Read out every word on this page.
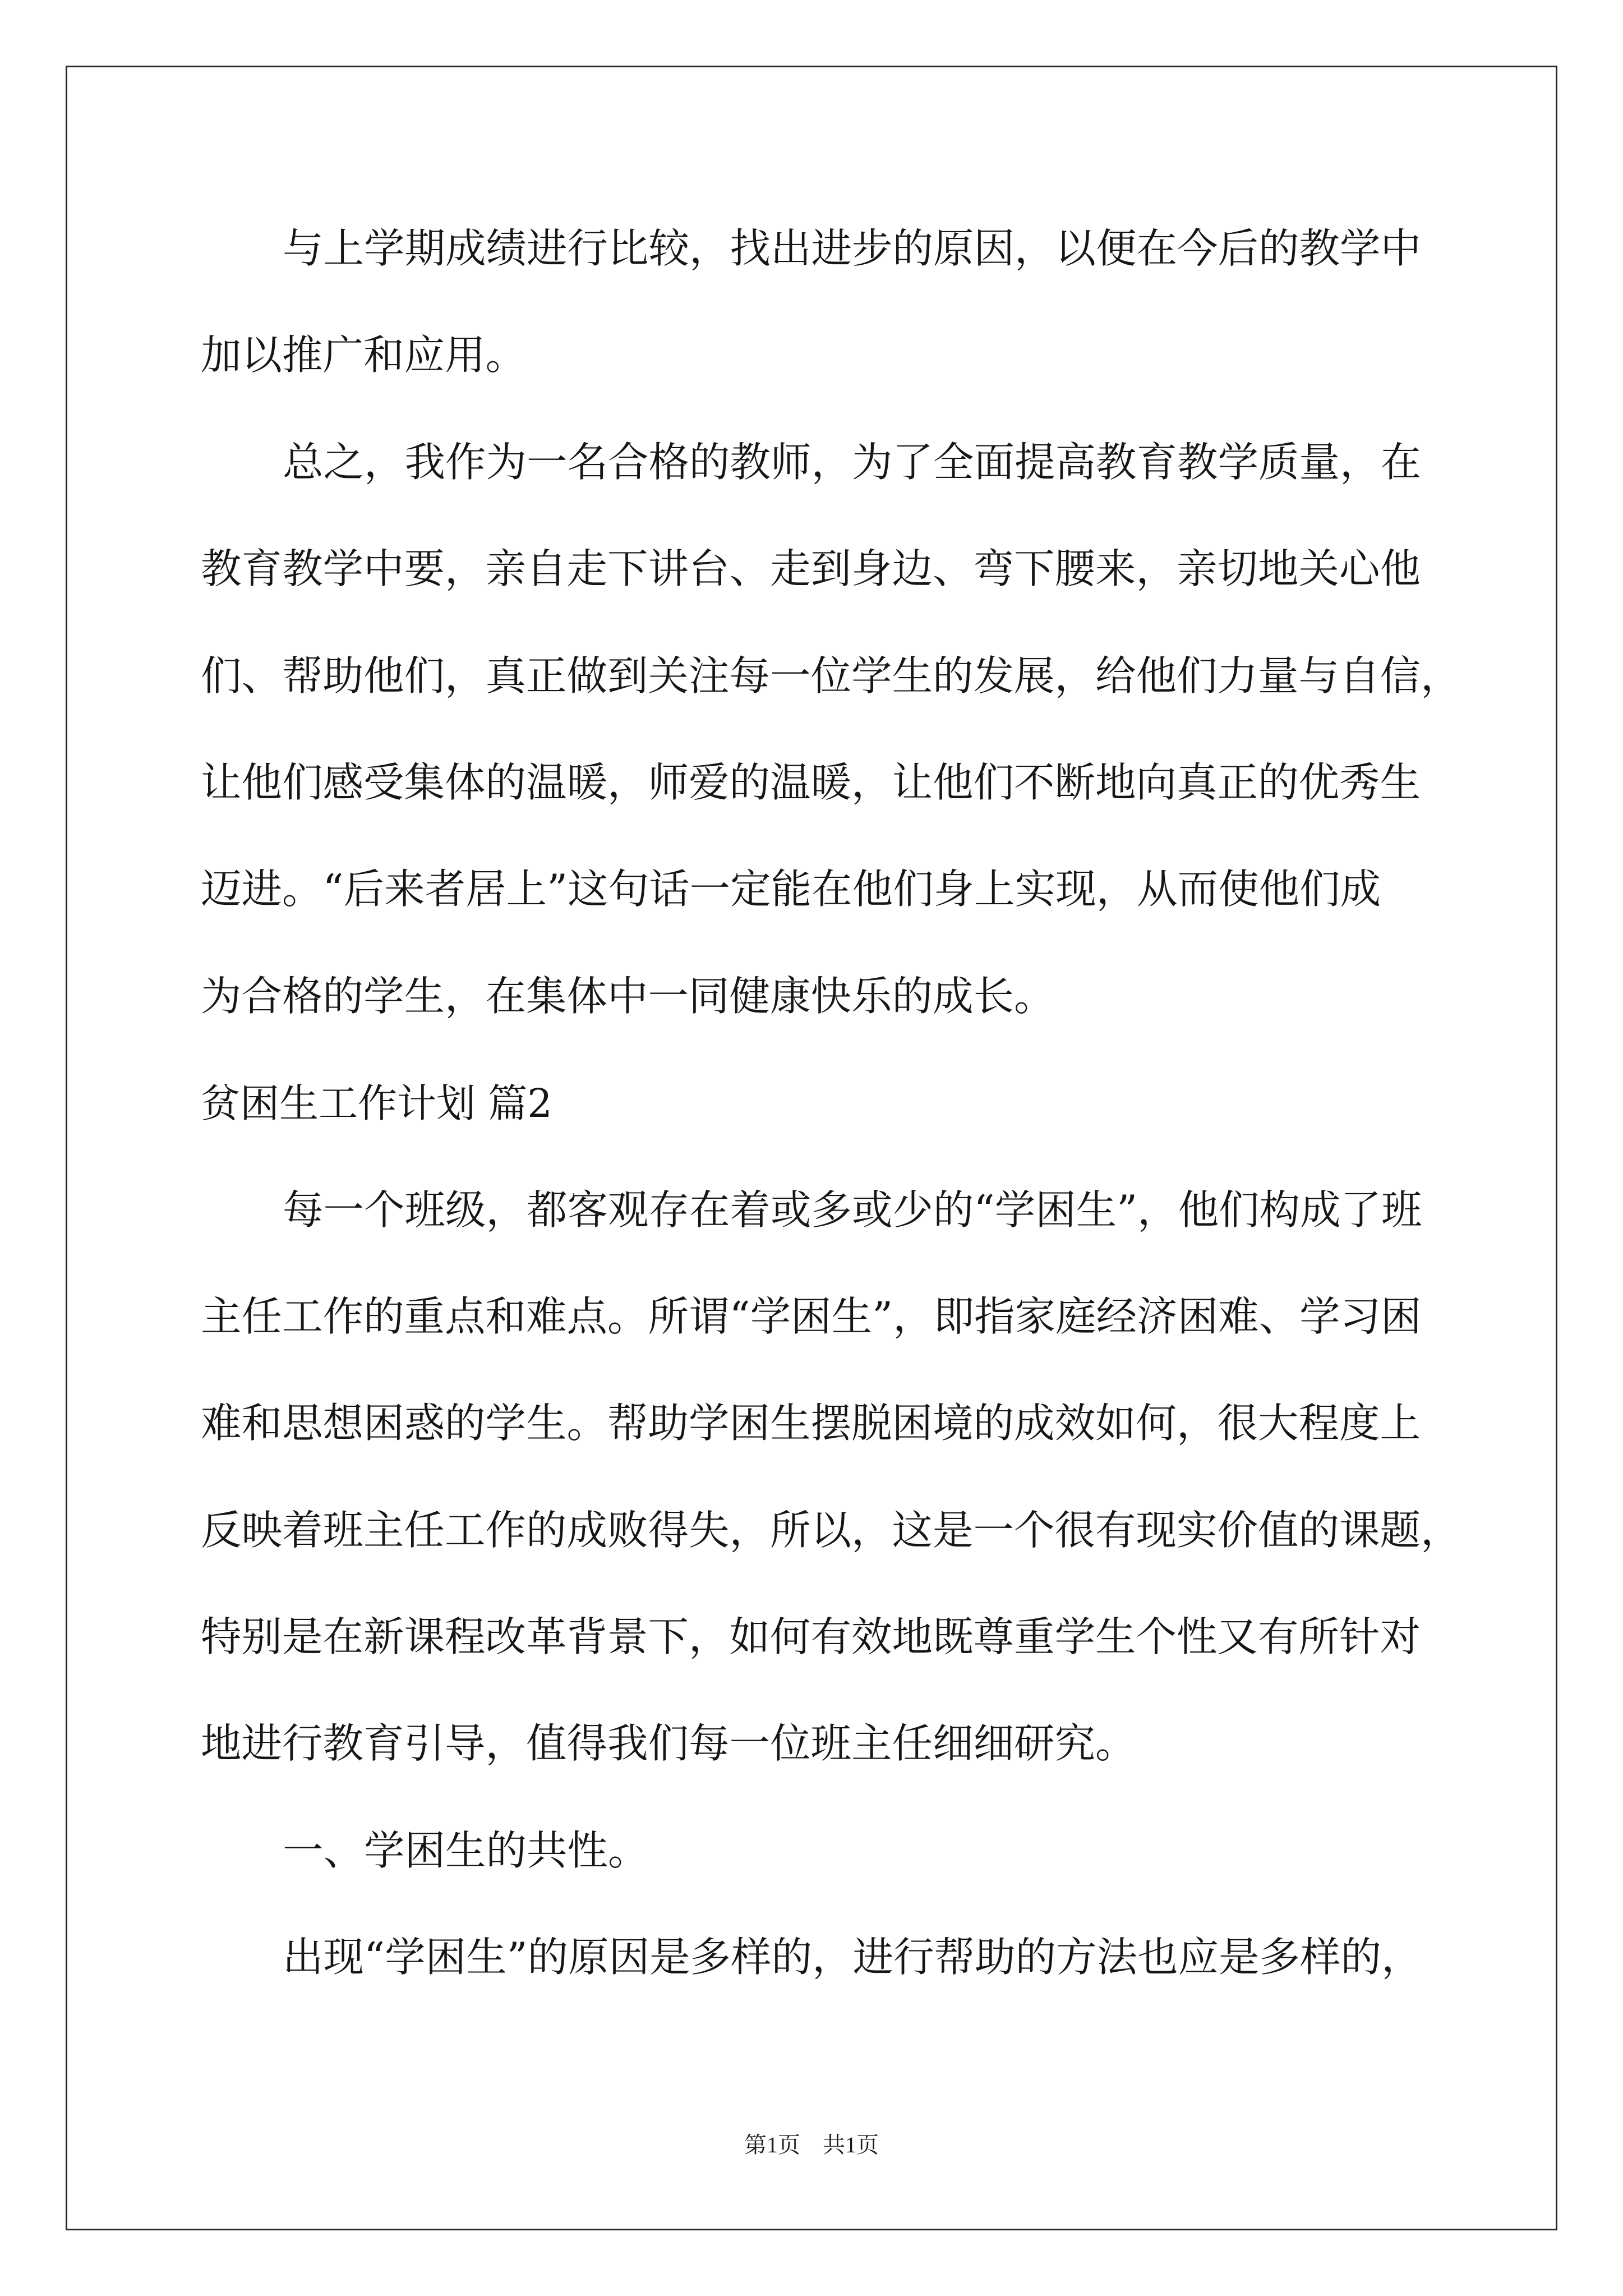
与上学期成绩进行比较，找出进步的原因，以便在今后的教学中
加以推广和应用。
总之，我作为一名合格的教师，为了全面提高教育教学质量，在
教育教学中要，亲自走下讲台、走到身边、弯下腰来，亲切地关心他
们、帮助他们，真正做到关注每一位学生的发展，给他们力量与自信，
让他们感受集体的温暖，师爱的温暖，让他们不断地向真正的优秀生
迈进。“后来者居上”这句话一定能在他们身上实现，从而使他们成
为合格的学生，在集体中一同健康快乐的成长。
贫困生工作计划 篇2
每一个班级，都客观存在着或多或少的“学困生”，他们构成了班
主任工作的重点和难点。所谓“学困生”，即指家庭经济困难、学习困
难和思想困惑的学生。帮助学困生摆脱困境的成效如何，很大程度上
反映着班主任工作的成败得失，所以，这是一个很有现实价值的课题，
特别是在新课程改革背景下，如何有效地既尊重学生个性又有所针对
地进行教育引导，值得我们每一位班主任细细研究。
一、学困生的共性。
出现“学困生”的原因是多样的，进行帮助的方法也应是多样的，
第1页　共1页
